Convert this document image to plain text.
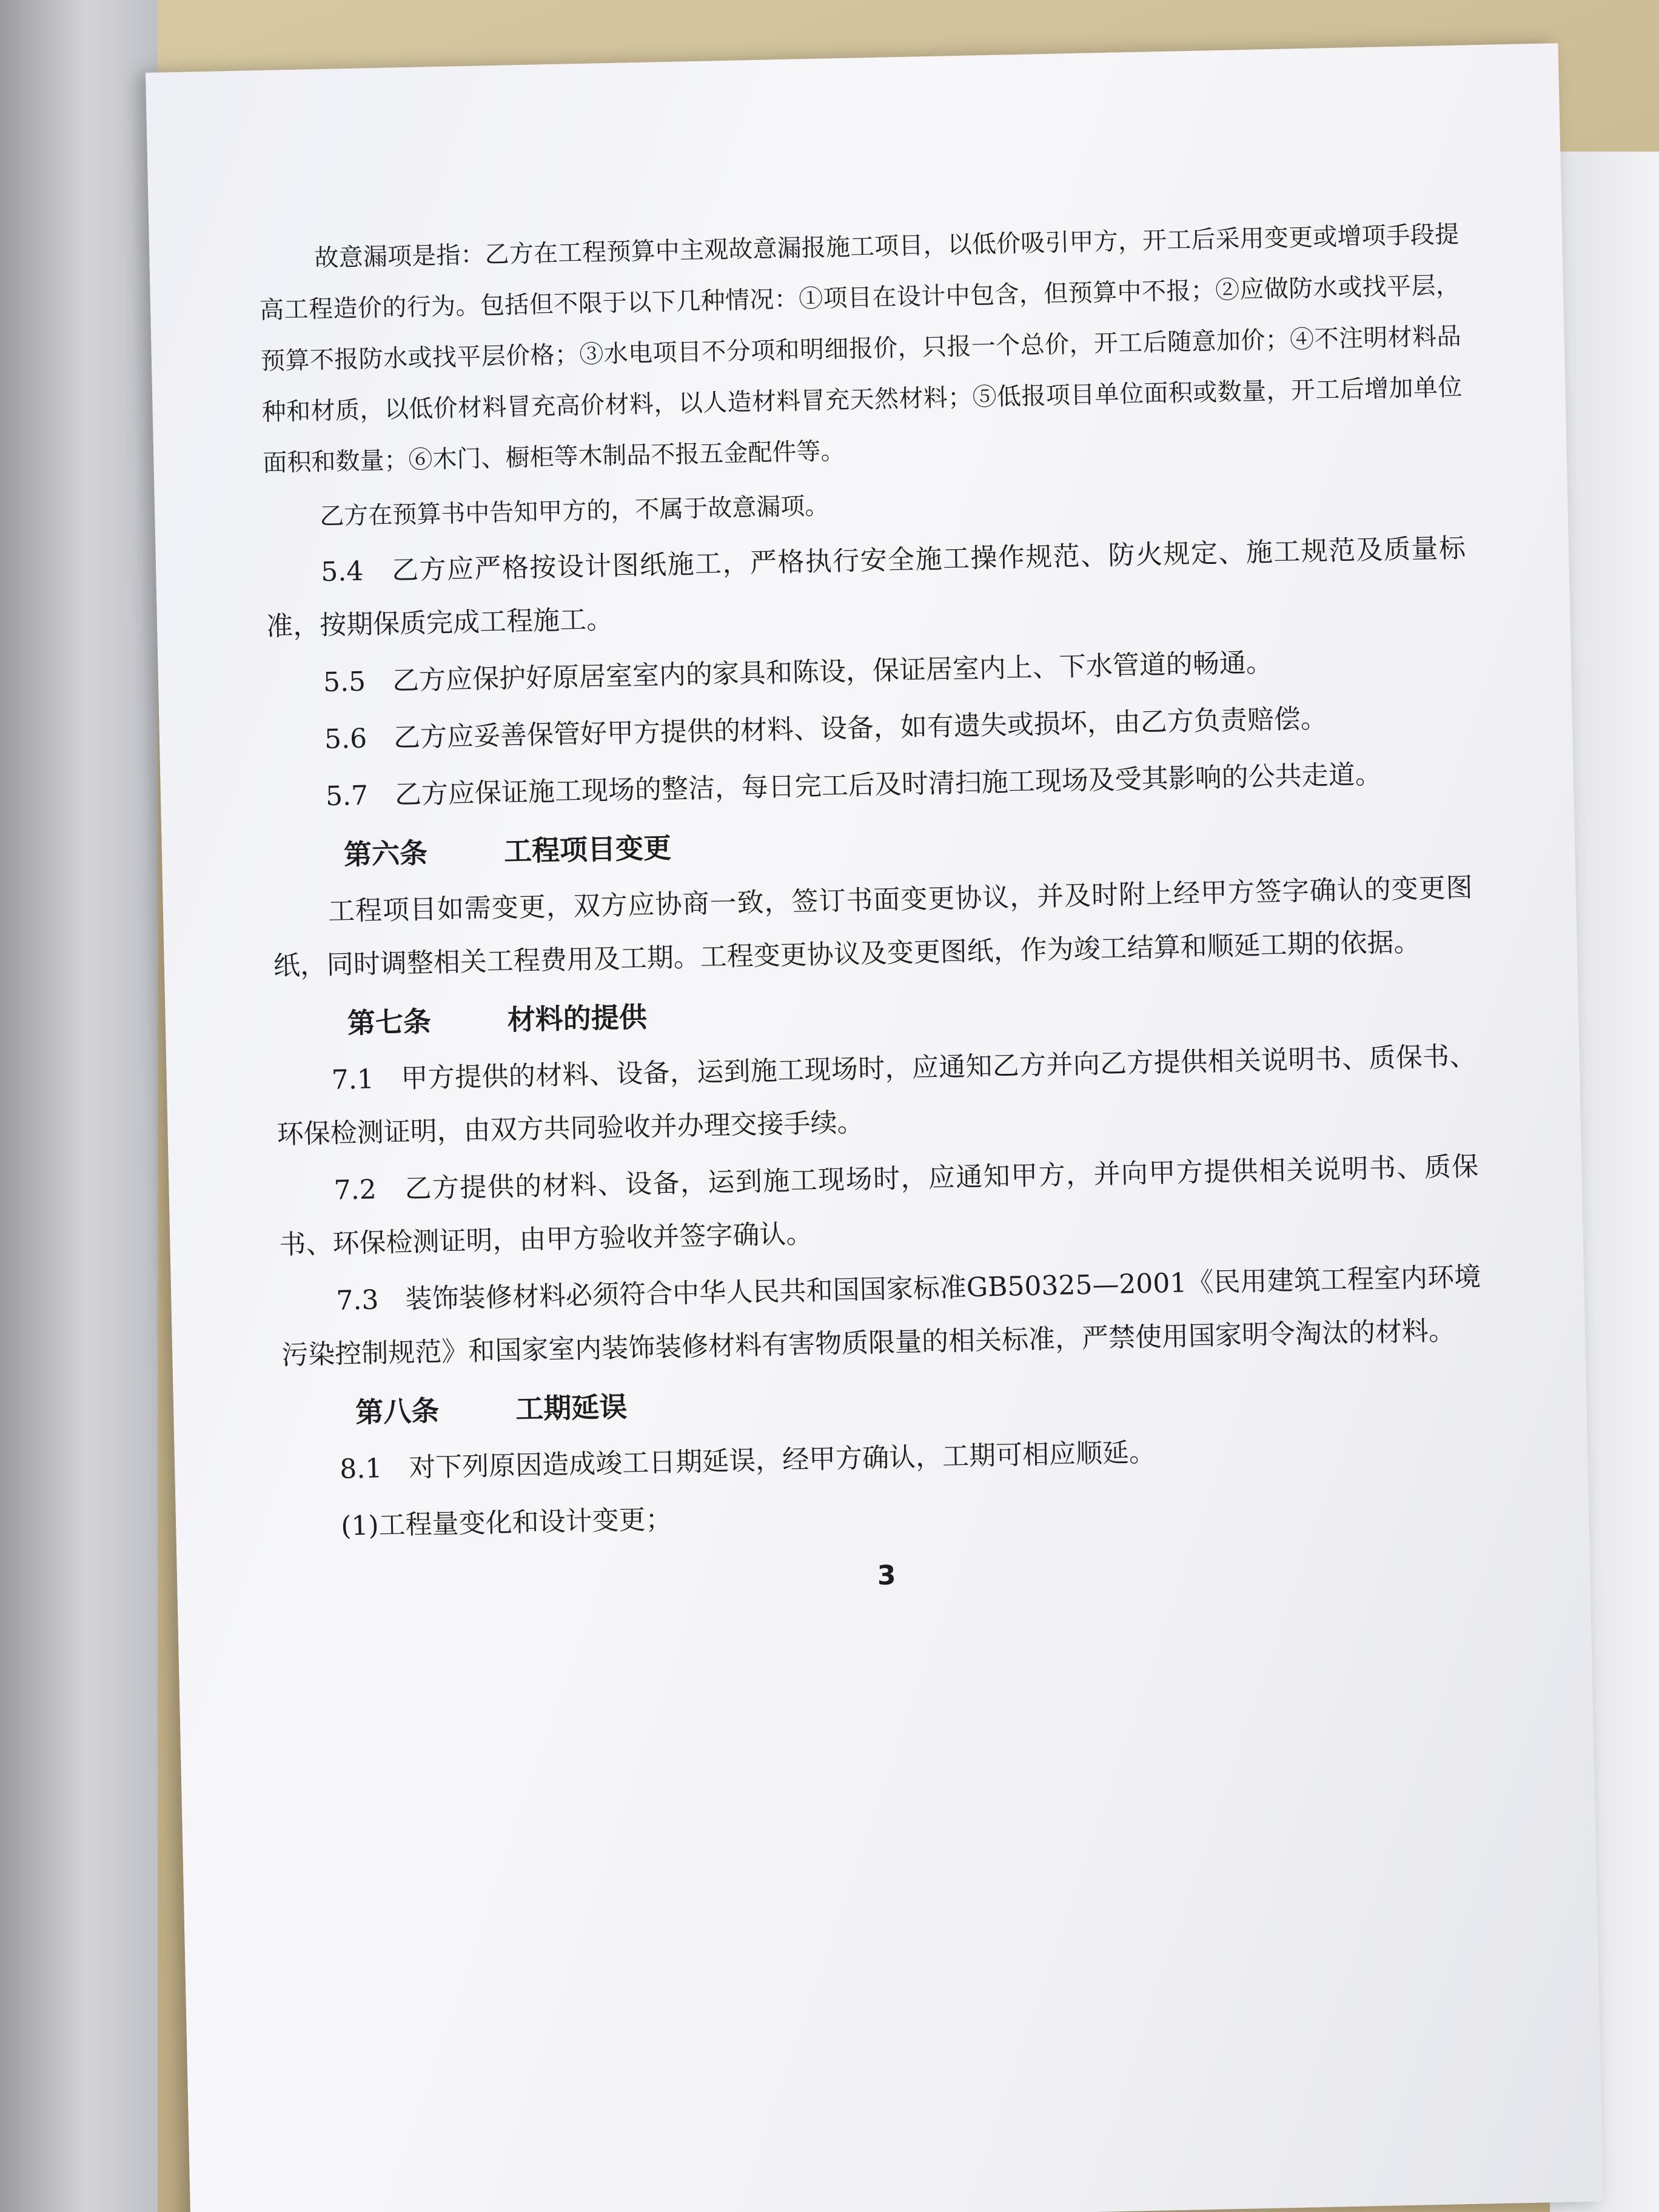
故意漏项是指：乙方在工程预算中主观故意漏报施工项目，以低价吸引甲方，开工后采用变更或增项手段提高工程造价的行为。包括但不限于以下几种情况：①项目在设计中包含，但预算中不报；②应做防水或找平层，预算不报防水或找平层价格；③水电项目不分项和明细报价，只报一个总价，开工后随意加价；④不注明材料品种和材质，以低价材料冒充高价材料，以人造材料冒充天然材料；⑤低报项目单位面积或数量，开工后增加单位面积和数量；⑥木门、橱柜等木制品不报五金配件等。

乙方在预算书中告知甲方的，不属于故意漏项。

5.4　乙方应严格按设计图纸施工，严格执行安全施工操作规范、防火规定、施工规范及质量标准，按期保质完成工程施工。

5.5　乙方应保护好原居室室内的家具和陈设，保证居室内上、下水管道的畅通。

5.6　乙方应妥善保管好甲方提供的材料、设备，如有遗失或损坏，由乙方负责赔偿。

5.7　乙方应保证施工现场的整洁，每日完工后及时清扫施工现场及受其影响的公共走道。

第六条	工程项目变更

工程项目如需变更，双方应协商一致，签订书面变更协议，并及时附上经甲方签字确认的变更图纸，同时调整相关工程费用及工期。工程变更协议及变更图纸，作为竣工结算和顺延工期的依据。

第七条	材料的提供

7.1　甲方提供的材料、设备，运到施工现场时，应通知乙方并向乙方提供相关说明书、质保书、环保检测证明，由双方共同验收并办理交接手续。

7.2　乙方提供的材料、设备，运到施工现场时，应通知甲方，并向甲方提供相关说明书、质保书、环保检测证明，由甲方验收并签字确认。

7.3　装饰装修材料必须符合中华人民共和国国家标准GB50325—2001《民用建筑工程室内环境污染控制规范》和国家室内装饰装修材料有害物质限量的相关标准，严禁使用国家明令淘汰的材料。

第八条	工期延误

8.1　对下列原因造成竣工日期延误，经甲方确认，工期可相应顺延。

(1)工程量变化和设计变更；

3
